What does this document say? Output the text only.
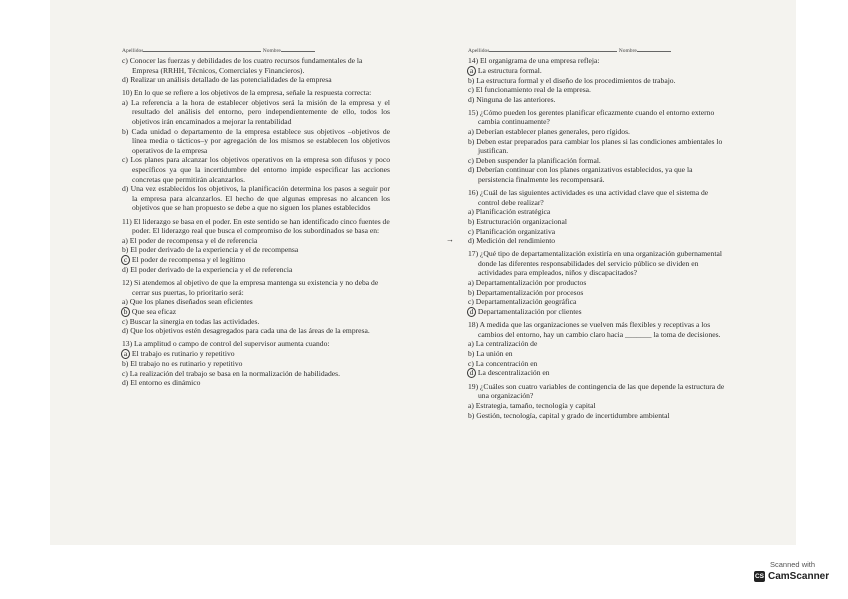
Apellidos	Nombre
c) Conocer las fuerzas y debilidades de los cuatro recursos fundamentales de la Empresa (RRHH, Técnicos, Comerciales y Financieros).
d) Realizar un análisis detallado de las potencialidades de la empresa
10) En lo que se refiere a los objetivos de la empresa, señale la respuesta correcta:
a) La referencia a la hora de establecer objetivos será la misión de la empresa y el resultado del análisis del entorno, pero independientemente de ello, todos los objetivos irán encaminados a mejorar la rentabilidad
b) Cada unidad o departamento de la empresa establece sus objetivos –objetivos de línea media o tácticos–y por agregación de los mismos se establecen los objetivos operativos de la empresa
c) Los planes para alcanzar los objetivos operativos en la empresa son difusos y poco específicos ya que la incertidumbre del entorno impide especificar las acciones concretas que permitirán alcanzarlos.
d) Una vez establecidos los objetivos, la planificación determina los pasos a seguir por la empresa para alcanzarlos. El hecho de que algunas empresas no alcancen los objetivos que se han propuesto se debe a que no siguen los planes establecidos
11) El liderazgo se basa en el poder. En este sentido se han identificado cinco fuentes de poder. El liderazgo real que busca el compromiso de los subordinados se basa en:
a) El poder de recompensa y el de referencia
b) El poder derivado de la experiencia y el de recompensa
c El poder de recompensa y el legítimo
d) El poder derivado de la experiencia y el de referencia
12) Si atendemos al objetivo de que la empresa mantenga su existencia y no deba de cerrar sus puertas, lo prioritario será:
a) Que los planes diseñados sean eficientes
b Que sea eficaz
c) Buscar la sinergia en todas las actividades.
d) Que los objetivos estén desagregados para cada una de las áreas de la empresa.
13) La amplitud o campo de control del supervisor aumenta cuando:
a El trabajo es rutinario y repetitivo
b) El trabajo no es rutinario y repetitivo
c) La realización del trabajo se basa en la normalización de habilidades.
d) El entorno es dinámico
Apellidos	Nombre
14) El organigrama de una empresa refleja:
a La estructura formal.
b) La estructura formal y el diseño de los procedimientos de trabajo.
c) El funcionamiento real de la empresa.
d) Ninguna de las anteriores.
15) ¿Cómo pueden los gerentes planificar eficazmente cuando el entorno externo cambia continuamente?
a) Deberían establecer planes generales, pero rígidos.
b) Deben estar preparados para cambiar los planes si las condiciones ambientales lo justifican.
c) Deben suspender la planificación formal.
d) Deberían continuar con los planes organizativos establecidos, ya que la persistencia finalmente les recompensará.
16) ¿Cuál de las siguientes actividades es una actividad clave que el sistema de control debe realizar?
a) Planificación estratégica
b) Estructuración organizacional
c) Planificación organizativa
→ d) Medición del rendimiento
17) ¿Qué tipo de departamentalización existiría en una organización gubernamental donde las diferentes responsabilidades del servicio público se dividen en actividades para empleados, niños y discapacitados?
a) Departamentalización por productos
b) Departamentalización por procesos
c) Departamentalización geográfica
d Departamentalización por clientes
18) A medida que las organizaciones se vuelven más flexibles y receptivas a los cambios del entorno, hay un cambio claro hacia _______ la toma de decisiones.
a) La centralización de
b) La unión en
c) La concentración en
d La descentralización en
19) ¿Cuáles son cuatro variables de contingencia de las que depende la estructura de una organización?
a) Estrategia, tamaño, tecnología y capital
b) Gestión, tecnología, capital y grado de incertidumbre ambiental
Scanned with
CS CamScanner
